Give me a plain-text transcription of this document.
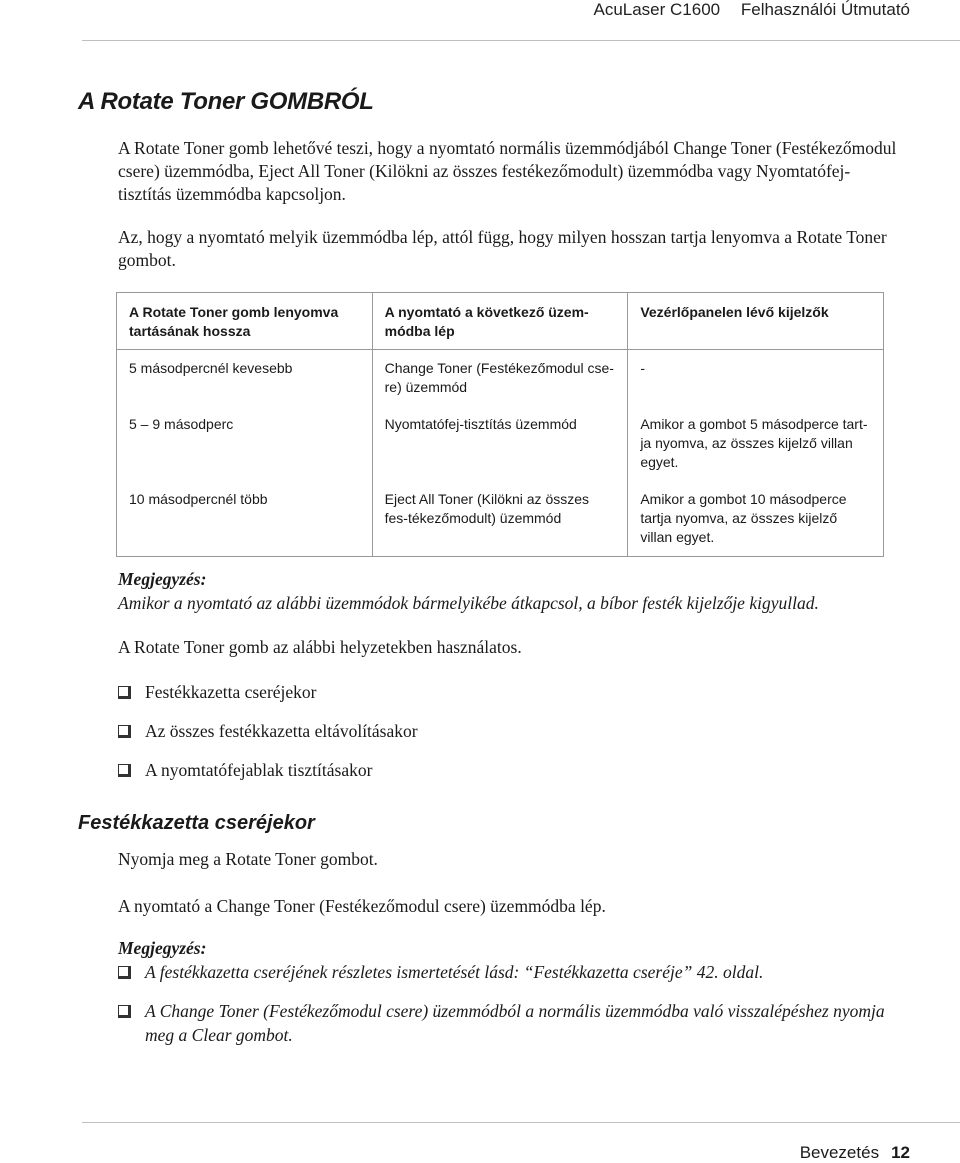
AcuLaser C1600 Felhasználói Útmutató
A Rotate Toner GOMBRÓL
A Rotate Toner gomb lehetővé teszi, hogy a nyomtató normális üzemmódjából Change Toner (Festékezőmodul csere) üzemmódba, Eject All Toner (Kilökni az összes festékezőmodult) üzemmódba vagy Nyomtatófej-tisztítás üzemmódba kapcsoljon.
Az, hogy a nyomtató melyik üzemmódba lép, attól függ, hogy milyen hosszan tartja lenyomva a Rotate Toner gombot.
A Rotate Toner gomb lenyomva tartásának hossza	A nyomtató a következő üzem-módba lép	Vezérlőpanelen lévő kijelzők
5 másodpercnél kevesebb	Change Toner (Festékezőmodul cse-re) üzemmód	-
5 – 9 másodperc	Nyomtatófej-tisztítás üzemmód	Amikor a gombot 5 másodperce tart-ja nyomva, az összes kijelző villan egyet.
10 másodpercnél több	Eject All Toner (Kilökni az összes fes-tékezőmodult) üzemmód	Amikor a gombot 10 másodperce tartja nyomva, az összes kijelző villan egyet.
Megjegyzés:
Amikor a nyomtató az alábbi üzemmódok bármelyikébe átkapcsol, a bíbor festék kijelzője kigyullad.
A Rotate Toner gomb az alábbi helyzetekben használatos.
Festékkazetta cseréjekor
Az összes festékkazetta eltávolításakor
A nyomtatófejablak tisztításakor
Festékkazetta cseréjekor
Nyomja meg a Rotate Toner gombot.
A nyomtató a Change Toner (Festékezőmodul csere) üzemmódba lép.
Megjegyzés:
A festékkazetta cseréjének részletes ismertetését lásd: “Festékkazetta cseréje” 42. oldal.
A Change Toner (Festékezőmodul csere) üzemmódból a normális üzemmódba való visszalépéshez nyomja meg a Clear gombot.
Bevezetés 12
